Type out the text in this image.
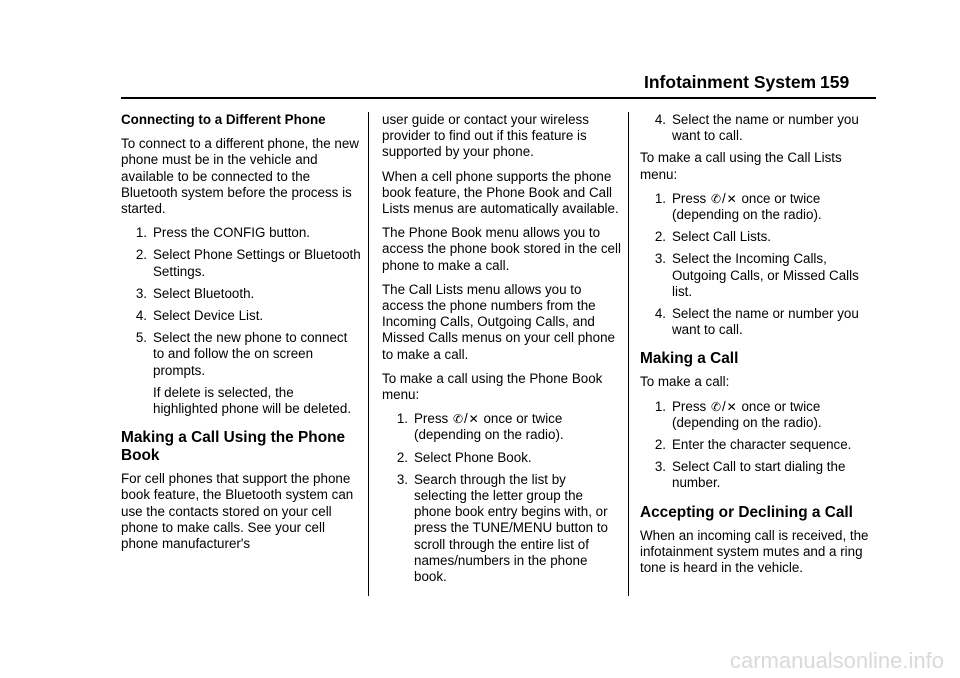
Infotainment System 159
Connecting to a Different Phone
To connect to a different phone, the new phone must be in the vehicle and available to be connected to the Bluetooth system before the process is started.
1. Press the CONFIG button.
2. Select Phone Settings or Bluetooth Settings.
3. Select Bluetooth.
4. Select Device List.
5. Select the new phone to connect to and follow the on screen prompts.
If delete is selected, the highlighted phone will be deleted.
Making a Call Using the Phone Book
For cell phones that support the phone book feature, the Bluetooth system can use the contacts stored on your cell phone to make calls. See your cell phone manufacturer's
user guide or contact your wireless provider to find out if this feature is supported by your phone.
When a cell phone supports the phone book feature, the Phone Book and Call Lists menus are automatically available.
The Phone Book menu allows you to access the phone book stored in the cell phone to make a call.
The Call Lists menu allows you to access the phone numbers from the Incoming Calls, Outgoing Calls, and Missed Calls menus on your cell phone to make a call.
To make a call using the Phone Book menu:
1. Press ✆/✕ once or twice (depending on the radio).
2. Select Phone Book.
3. Search through the list by selecting the letter group the phone book entry begins with, or press the TUNE/MENU button to scroll through the entire list of names/numbers in the phone book.
4. Select the name or number you want to call.
To make a call using the Call Lists menu:
1. Press ✆/✕ once or twice (depending on the radio).
2. Select Call Lists.
3. Select the Incoming Calls, Outgoing Calls, or Missed Calls list.
4. Select the name or number you want to call.
Making a Call
To make a call:
1. Press ✆/✕ once or twice (depending on the radio).
2. Enter the character sequence.
3. Select Call to start dialing the number.
Accepting or Declining a Call
When an incoming call is received, the infotainment system mutes and a ring tone is heard in the vehicle.
carmanualsonline.info
